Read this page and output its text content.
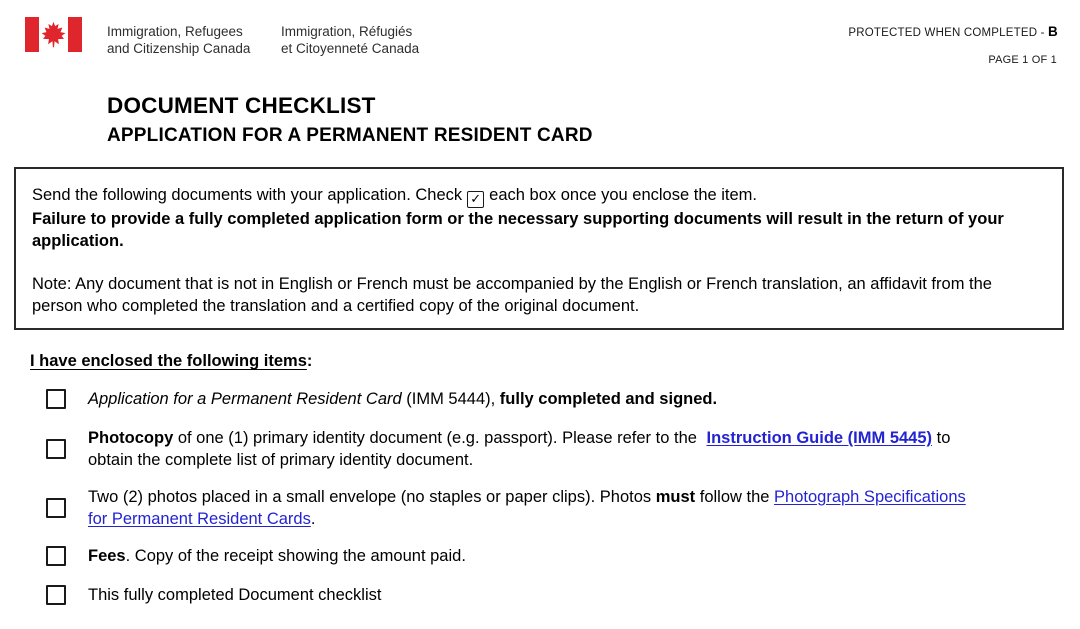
Immigration, Refugees
and Citizenship Canada
Immigration, Réfugiés
et Citoyenneté Canada
PROTECTED WHEN COMPLETED - B
PAGE 1 OF 1
DOCUMENT CHECKLIST
APPLICATION FOR A PERMANENT RESIDENT CARD

Send the following documents with your application. Check ✓ each box once you enclose the item.

Failure to provide a fully completed application form or the necessary supporting documents will result in the return of your application.

Note: Any document that is not in English or French must be accompanied by the English or French translation, an affidavit from the person who completed the translation and a certified copy of the original document.

I have enclosed the following items:
Application for a Permanent Resident Card (IMM 5444), fully completed and signed.
Photocopy of one (1) primary identity document (e.g. passport). Please refer to the Instruction Guide (IMM 5445) to
obtain the complete list of primary identity document.
Two (2) photos placed in a small envelope (no staples or paper clips). Photos must follow the Photograph Specifications
for Permanent Resident Cards.
Fees. Copy of the receipt showing the amount paid.
This fully completed Document checklist
